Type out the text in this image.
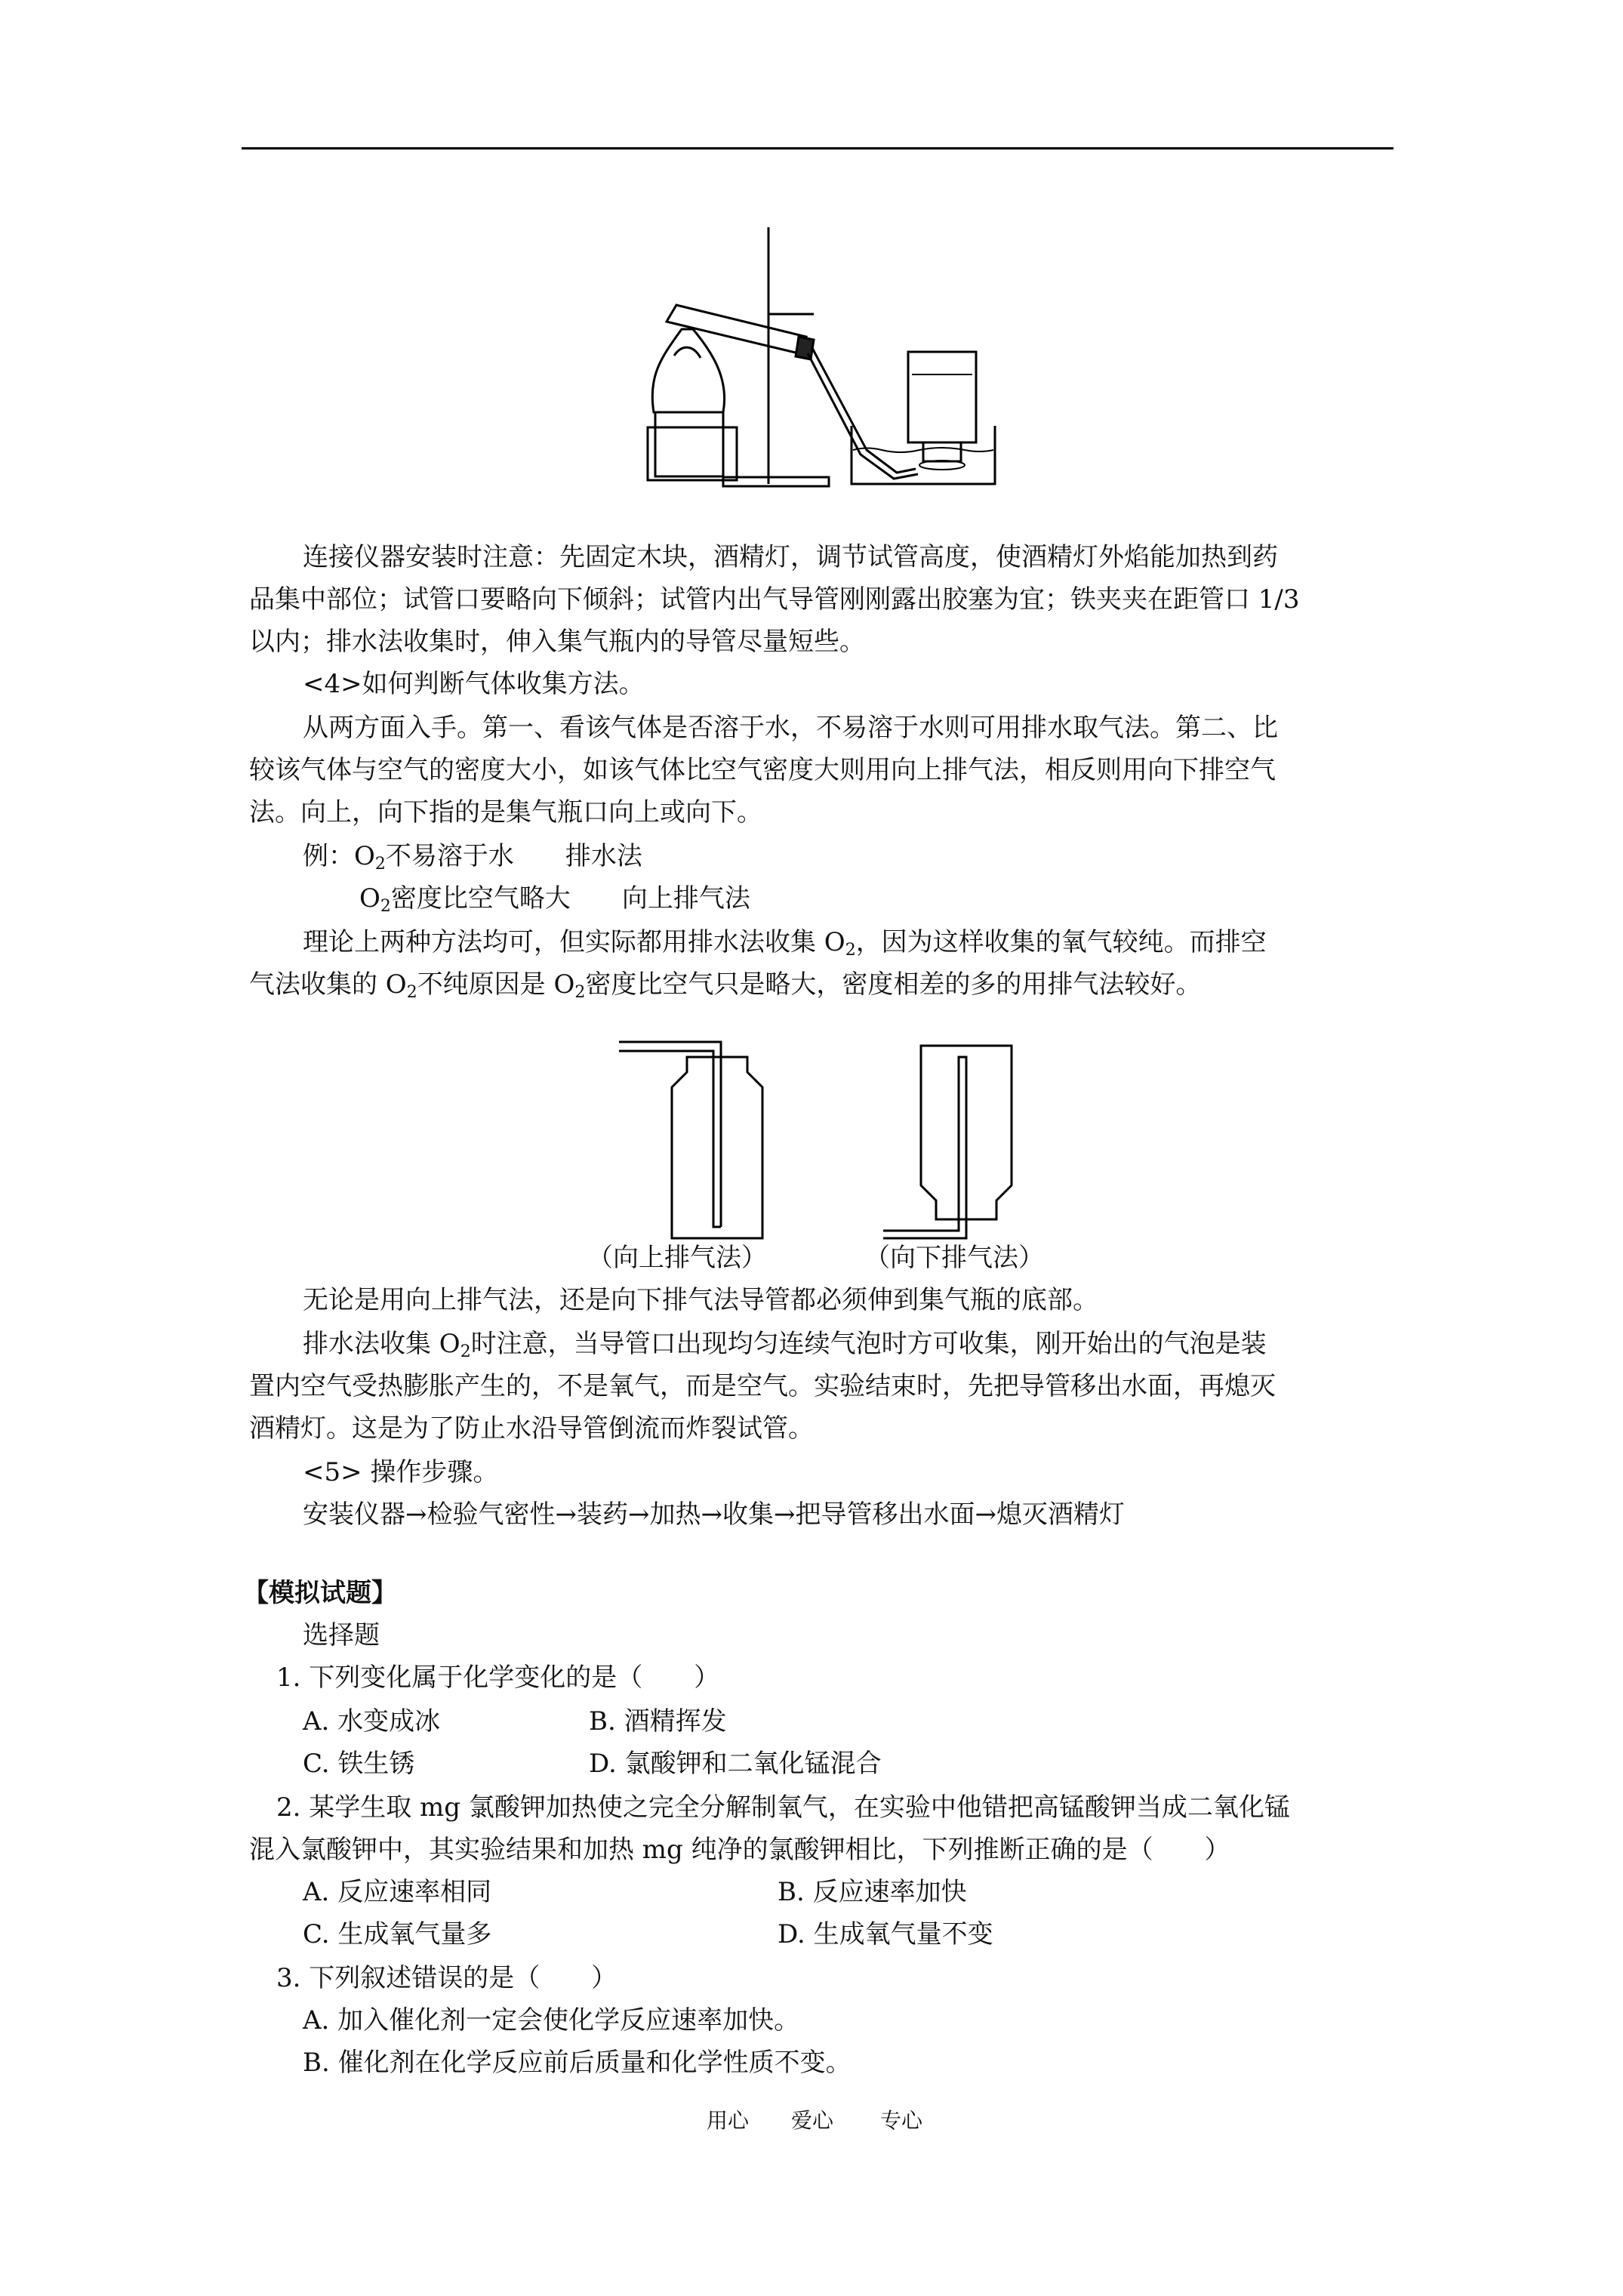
连接仪器安装时注意：先固定木块，酒精灯，调节试管高度，使酒精灯外焰能加热到药
品集中部位；试管口要略向下倾斜；试管内出气导管刚刚露出胶塞为宜；铁夹夹在距管口 1/3
以内；排水法收集时，伸入集气瓶内的导管尽量短些。
<4>如何判断气体收集方法。
从两方面入手。第一、看该气体是否溶于水，不易溶于水则可用排水取气法。第二、比
较该气体与空气的密度大小，如该气体比空气密度大则用向上排气法，相反则用向下排空气
法。向上，向下指的是集气瓶口向上或向下。
例：$O_2$不易溶于水　　排水法
$O_2$密度比空气略大　　向上排气法
理论上两种方法均可，但实际都用排水法收集 $O_2$，因为这样收集的氧气较纯。而排空
气法收集的 $O_2$不纯原因是 $O_2$密度比空气只是略大，密度相差的多的用排气法较好。
（向上排气法）	（向下排气法）
无论是用向上排气法，还是向下排气法导管都必须伸到集气瓶的底部。
排水法收集 $O_2$时注意，当导管口出现均匀连续气泡时方可收集，刚开始出的气泡是装
置内空气受热膨胀产生的，不是氧气，而是空气。实验结束时，先把导管移出水面，再熄灭
酒精灯。这是为了防止水沿导管倒流而炸裂试管。
<5> 操作步骤。
安装仪器→检验气密性→装药→加热→收集→把导管移出水面→熄灭酒精灯
【模拟试题】
选择题
1. 下列变化属于化学变化的是（　　）
A. 水变成冰	B. 酒精挥发
C. 铁生锈	D. 氯酸钾和二氧化锰混合
2. 某学生取 mg 氯酸钾加热使之完全分解制氧气，在实验中他错把高锰酸钾当成二氧化锰
混入氯酸钾中，其实验结果和加热 mg 纯净的氯酸钾相比，下列推断正确的是（　　）
A. 反应速率相同	B. 反应速率加快
C. 生成氧气量多	D. 生成氧气量不变
3. 下列叙述错误的是（　　）
A. 加入催化剂一定会使化学反应速率加快。
B. 催化剂在化学反应前后质量和化学性质不变。
用心 爱心 专心
